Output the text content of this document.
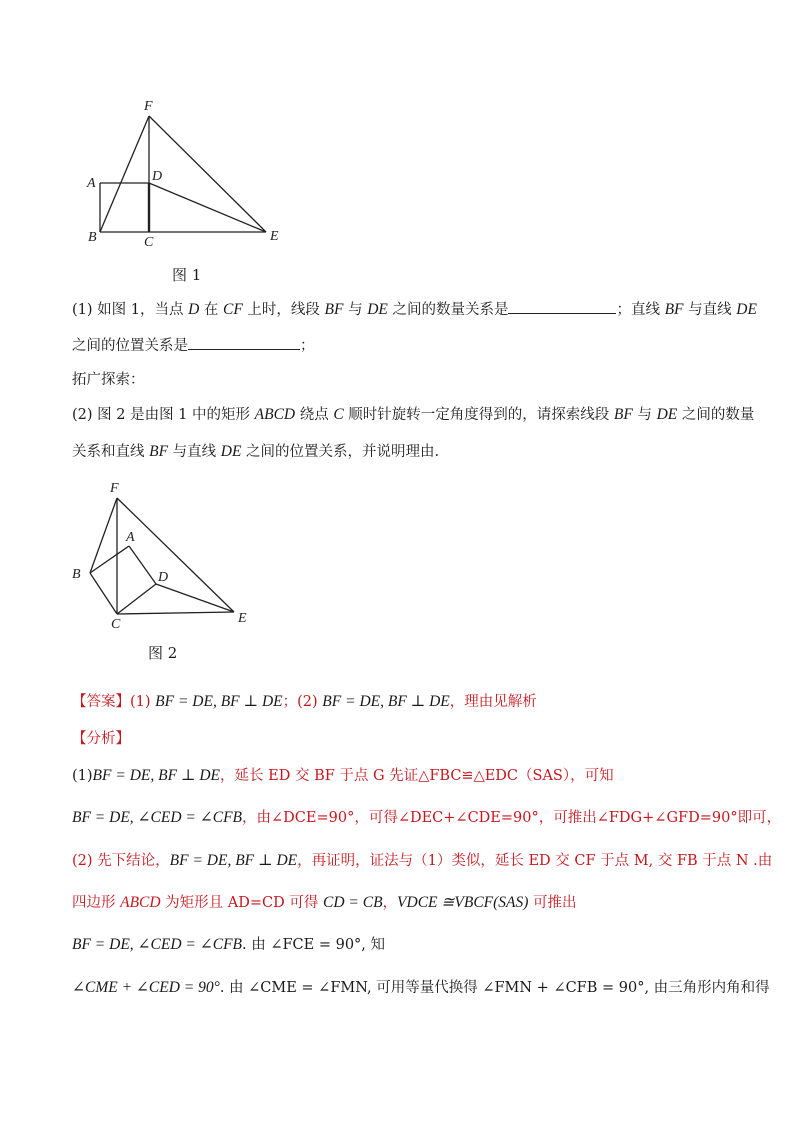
F
A	D
B	C	E
图 1
(1) 如图 1，当点 D 在 CF 上时，线段 BF 与 DE 之间的数量关系是	；直线 BF 与直线 DE
之间的位置关系是	；
拓广探索：
(2) 图 2 是由图 1 中的矩形 ABCD 绕点 C 顺时针旋转一定角度得到的，请探索线段 BF 与 DE 之间的数量
关系和直线 BF 与直线 DE 之间的位置关系，并说明理由.
F
A
B	D
C	E
图 2
【答案】(1) BF = DE, BF ⊥ DE；(2) BF = DE, BF ⊥ DE，理由见解析
【分析】
(1)BF = DE, BF ⊥ DE，延长 ED 交 BF 于点 G 先证△FBC≌△EDC（SAS），可知
BF = DE, ∠CED = ∠CFB，由∠DCE=90°，可得∠DEC+∠CDE=90°，可推出∠FDG+∠GFD=90°即可，
(2) 先下结论，BF = DE, BF ⊥ DE，再证明，证法与（1）类似，延长 ED 交 CF 于点 M, 交 FB 于点 N .由
四边形 ABCD 为矩形且 AD=CD 可得 CD = CB，VDCE ≅VBCF(SAS) 可推出
BF = DE, ∠CED = ∠CFB. 由 ∠FCE = 90°, 知
∠CME + ∠CED = 90°. 由 ∠CME = ∠FMN, 可用等量代换得 ∠FMN + ∠CFB = 90°, 由三角形内角和得
